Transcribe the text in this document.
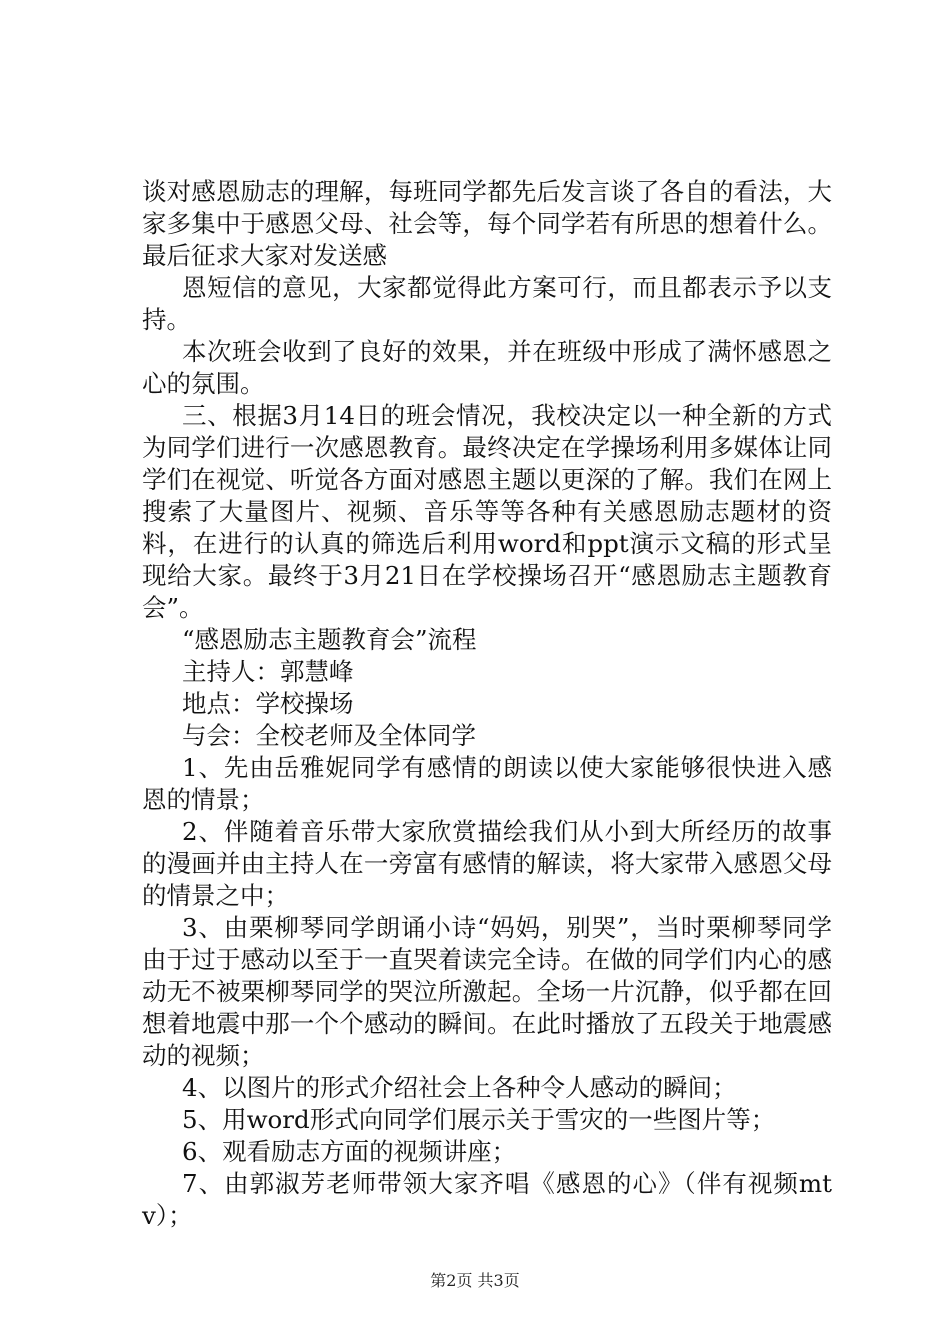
谈对感恩励志的理解，每班同学都先后发言谈了各自的看法，大家多集中于感恩父母、社会等，每个同学若有所思的想着什么。最后征求大家对发送感

恩短信的意见，大家都觉得此方案可行，而且都表示予以支持。

本次班会收到了良好的效果，并在班级中形成了满怀感恩之心的氛围。

三、根据3月14日的班会情况，我校决定以一种全新的方式为同学们进行一次感恩教育。最终决定在学操场利用多媒体让同学们在视觉、听觉各方面对感恩主题以更深的了解。我们在网上搜索了大量图片、视频、音乐等等各种有关感恩励志题材的资料，在进行的认真的筛选后利用word和ppt演示文稿的形式呈现给大家。最终于3月21日在学校操场召开“感恩励志主题教育会”。

“感恩励志主题教育会”流程

主持人：郭慧峰

地点：学校操场

与会：全校老师及全体同学

1、先由岳雅妮同学有感情的朗读以使大家能够很快进入感恩的情景；

2、伴随着音乐带大家欣赏描绘我们从小到大所经历的故事的漫画并由主持人在一旁富有感情的解读，将大家带入感恩父母的情景之中；

3、由栗柳琴同学朗诵小诗“妈妈，别哭”，当时栗柳琴同学由于过于感动以至于一直哭着读完全诗。在做的同学们内心的感动无不被栗柳琴同学的哭泣所激起。全场一片沉静，似乎都在回想着地震中那一个个感动的瞬间。在此时播放了五段关于地震感动的视频；

4、以图片的形式介绍社会上各种令人感动的瞬间；

5、用word形式向同学们展示关于雪灾的一些图片等；

6、观看励志方面的视频讲座；

7、由郭淑芳老师带领大家齐唱《感恩的心》（伴有视频mtv）；

第2页 共3页
